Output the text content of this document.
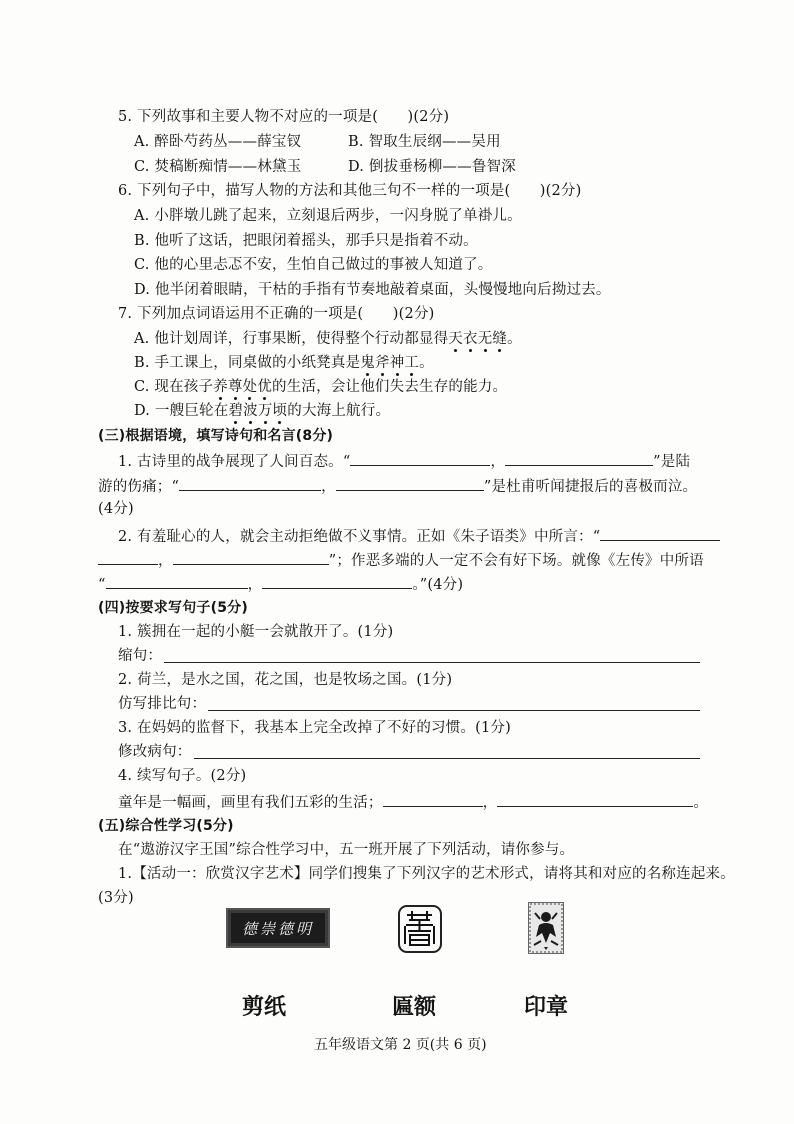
5. 下列故事和主要人物不对应的一项是(　　)(2分)
A. 醉卧芍药丛——薛宝钗	B. 智取生辰纲——吴用
C. 焚稿断痴情——林黛玉	D. 倒拔垂杨柳——鲁智深
6. 下列句子中，描写人物的方法和其他三句不一样的一项是(　　)(2分)
A. 小胖墩儿跳了起来，立刻退后两步，一闪身脱了单褂儿。
B. 他听了这话，把眼闭着摇头，那手只是指着不动。
C. 他的心里忐忑不安，生怕自己做过的事被人知道了。
D. 他半闭着眼睛，干枯的手指有节奏地敲着桌面，头慢慢地向后拗过去。
7. 下列加点词语运用不正确的一项是(　　)(2分)
A. 他计划周详，行事果断，使得整个行动都显得天衣无缝。
B. 手工课上，同桌做的小纸凳真是鬼斧神工。
C. 现在孩子养尊处优的生活，会让他们失去生存的能力。
D. 一艘巨轮在碧波万顷的大海上航行。
(三)根据语境，填写诗句和名言(8分)
1. 古诗里的战争展现了人间百态。“	，	”是陆
游的伤痛；“	，	”是杜甫听闻捷报后的喜极而泣。
(4分)
2. 有羞耻心的人，就会主动拒绝做不义事情。正如《朱子语类》中所言：“
，	”；作恶多端的人一定不会有好下场。就像《左传》中所语
“	，	。”(4分)
(四)按要求写句子(5分)
1. 簇拥在一起的小艇一会就散开了。(1分)
缩句：
2. 荷兰，是水之国，花之国，也是牧场之国。(1分)
仿写排比句：
3. 在妈妈的监督下，我基本上完全改掉了不好的习惯。(1分)
修改病句：
4. 续写句子。(2分)
童年是一幅画，画里有我们五彩的生活；	，	。
(五)综合性学习(5分)
在“遨游汉字王国”综合性学习中，五一班开展了下列活动，请你参与。
1.【活动一：欣赏汉字艺术】同学们搜集了下列汉字的艺术形式，请将其和对应的名称连起来。
(3分)
德崇德明
剪纸	匾额	印章
五年级语文第 2 页(共 6 页)
